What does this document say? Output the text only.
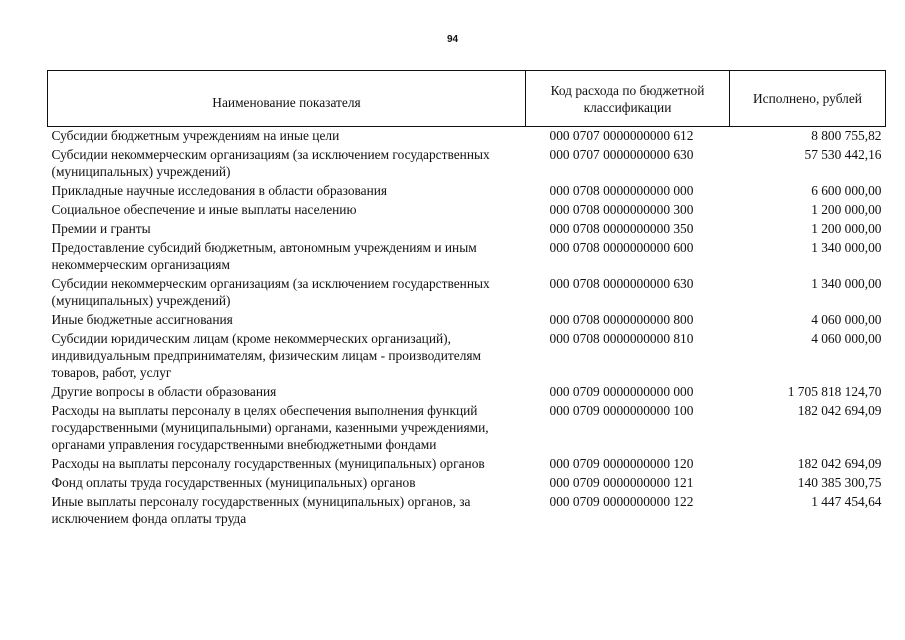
94
Наименование показателя	Код расхода по бюджетной классификации	Исполнено, рублей
Субсидии бюджетным учреждениям на иные цели	000 0707 0000000000 612	8 800 755,82
Субсидии некоммерческим организациям (за исключением государственных (муниципальных) учреждений)	000 0707 0000000000 630	57 530 442,16
Прикладные научные исследования в области образования	000 0708 0000000000 000	6 600 000,00
Социальное обеспечение и иные выплаты населению	000 0708 0000000000 300	1 200 000,00
Премии и гранты	000 0708 0000000000 350	1 200 000,00
Предоставление субсидий бюджетным, автономным учреждениям и иным некоммерческим организациям	000 0708 0000000000 600	1 340 000,00
Субсидии некоммерческим организациям (за исключением государственных (муниципальных) учреждений)	000 0708 0000000000 630	1 340 000,00
Иные бюджетные ассигнования	000 0708 0000000000 800	4 060 000,00
Субсидии юридическим лицам (кроме некоммерческих организаций), индивидуальным предпринимателям, физическим лицам - производителям товаров, работ, услуг	000 0708 0000000000 810	4 060 000,00
Другие вопросы в области образования	000 0709 0000000000 000	1 705 818 124,70
Расходы на выплаты персоналу в целях обеспечения выполнения функций государственными (муниципальными) органами, казенными учреждениями, органами управления государственными внебюджетными фондами	000 0709 0000000000 100	182 042 694,09
Расходы на выплаты персоналу государственных (муниципальных) органов	000 0709 0000000000 120	182 042 694,09
Фонд оплаты труда государственных (муниципальных) органов	000 0709 0000000000 121	140 385 300,75
Иные выплаты персоналу государственных (муниципальных) органов, за исключением фонда оплаты труда	000 0709 0000000000 122	1 447 454,64
